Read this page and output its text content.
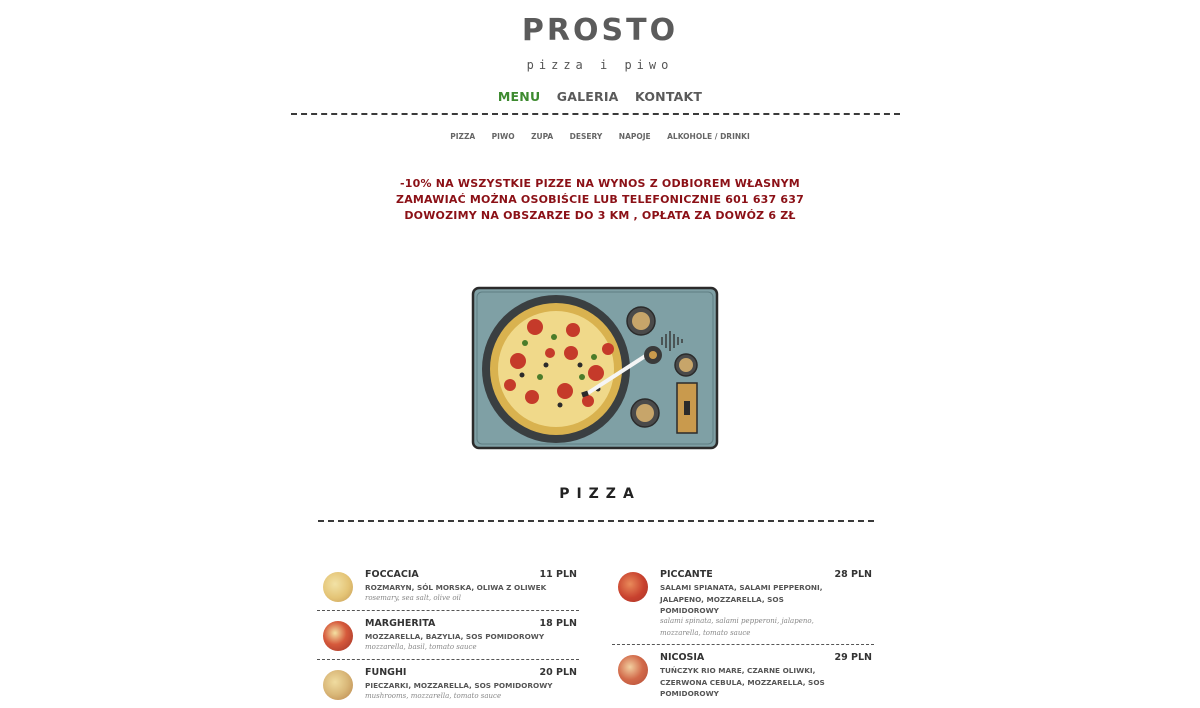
PROSTO
pizza i piwo
MENU GALERIA KONTAKT
PIZZA PIWO ZUPA DESERY NAPOJE ALKOHOLE / DRINKI
-10% NA WSZYSTKIE PIZZE NA WYNOS Z ODBIOREM WŁASNYM
ZAMAWIAĆ MOŻNA OSOBIŚCIE LUB TELEFONICZNIE 601 637 637
DOWOZIMY NA OBSZARZE DO 3 KM , OPŁATA ZA DOWÓZ 6 ZŁ
PIZZA
FOCCACIA	11 PLN
ROZMARYN, SÓL MORSKA, OLIWA Z OLIWEK
rosemary, sea salt, olive oil
MARGHERITA	18 PLN
MOZZARELLA, BAZYLIA, SOS POMIDOROWY
mozzarella, basil, tomato sauce
FUNGHI	20 PLN
PIECZARKI, MOZZARELLA, SOS POMIDOROWY
mushrooms, mozzarella, tomato sauce
PICCANTE	28 PLN
SALAMI SPIANATA, SALAMI PEPPERONI, JALAPENO, MOZZARELLA, SOS POMIDOROWY
salami spinata, salami pepperoni, jalapeno, mozzarella, tomato sauce
NICOSIA	29 PLN
TUŃCZYK RIO MARE, CZARNE OLIWKI, CZERWONA CEBULA, MOZZARELLA, SOS POMIDOROWY
